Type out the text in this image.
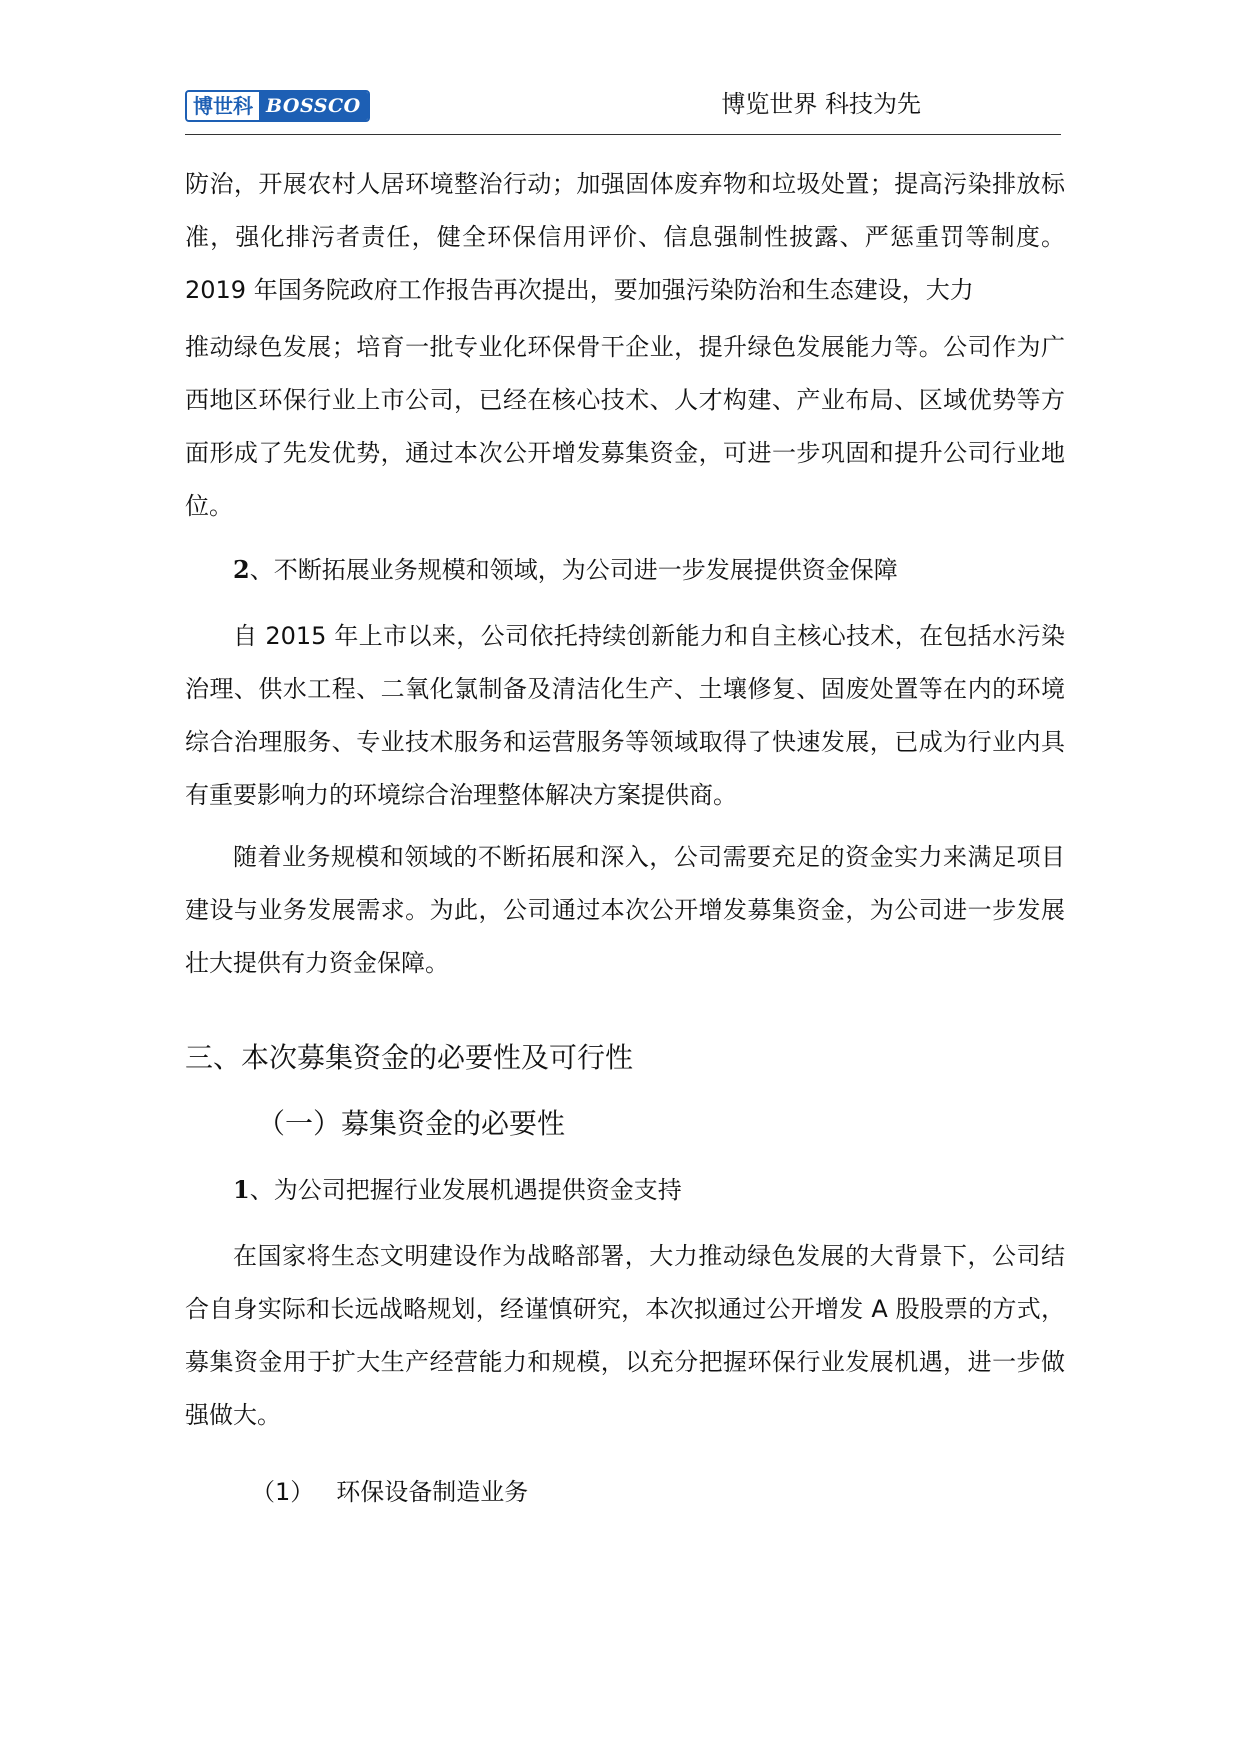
博世科 BOSSCO	博览世界 科技为先

防治，开展农村人居环境整治行动；加强固体废弃物和垃圾处置；提高污染排放标准，强化排污者责任，健全环保信用评价、信息强制性披露、严惩重罚等制度。 2019 年国务院政府工作报告再次提出，要加强污染防治和生态建设，大力

推动绿色发展；培育一批专业化环保骨干企业，提升绿色发展能力等。公司作为广西地区环保行业上市公司，已经在核心技术、人才构建、产业布局、区域优势等方面形成了先发优势，通过本次公开增发募集资金，可进一步巩固和提升公司行业地位。

2、不断拓展业务规模和领域，为公司进一步发展提供资金保障

自 2015 年上市以来，公司依托持续创新能力和自主核心技术，在包括水污染治理、供水工程、二氧化氯制备及清洁化生产、土壤修复、固废处置等在内的环境综合治理服务、专业技术服务和运营服务等领域取得了快速发展，已成为行业内具有重要影响力的环境综合治理整体解决方案提供商。

随着业务规模和领域的不断拓展和深入，公司需要充足的资金实力来满足项目建设与业务发展需求。为此，公司通过本次公开增发募集资金，为公司进一步发展壮大提供有力资金保障。

三、本次募集资金的必要性及可行性
（一）募集资金的必要性
1、为公司把握行业发展机遇提供资金支持

在国家将生态文明建设作为战略部署，大力推动绿色发展的大背景下，公司结合自身实际和长远战略规划，经谨慎研究，本次拟通过公开增发 A 股股票的方式，募集资金用于扩大生产经营能力和规模，以充分把握环保行业发展机遇，进一步做强做大。

（1） 环保设备制造业务
